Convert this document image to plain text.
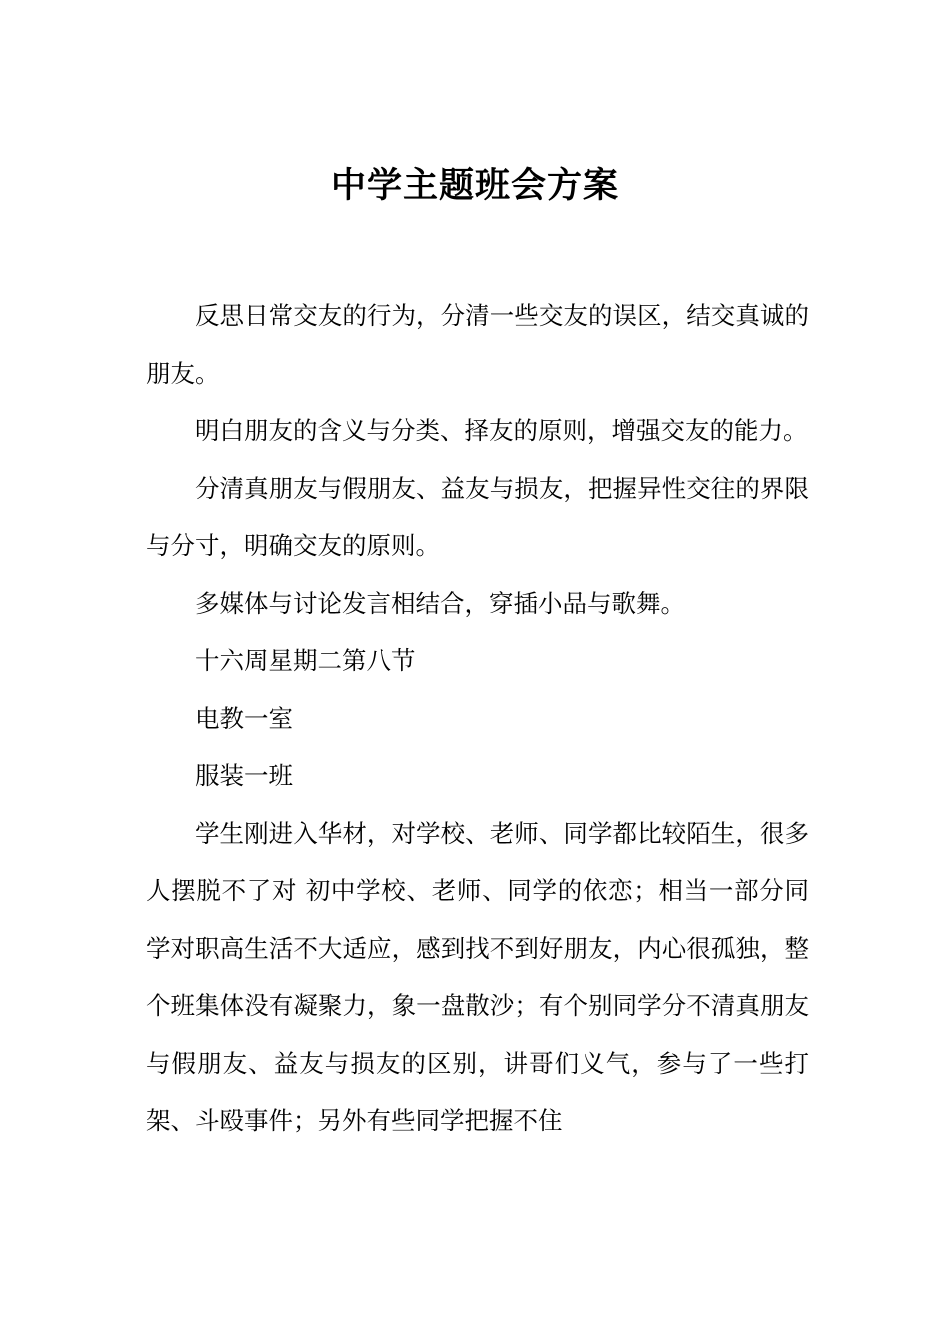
中学主题班会方案

反思日常交友的行为，分清一些交友的误区，结交真诚的朋友。

明白朋友的含义与分类、择友的原则，增强交友的能力。

分清真朋友与假朋友、益友与损友，把握异性交往的界限与分寸，明确交友的原则。

多媒体与讨论发言相结合，穿插小品与歌舞。

十六周星期二第八节

电教一室

服装一班

学生刚进入华材，对学校、老师、同学都比较陌生，很多人摆脱不了对 初中学校、老师、同学的依恋；相当一部分同学对职高生活不大适应，感到找不到好朋友，内心很孤独，整个班集体没有凝聚力，象一盘散沙；有个别同学分不清真朋友与假朋友、益友与损友的区别，讲哥们义气，参与了一些打架、斗殴事件；另外有些同学把握不住
